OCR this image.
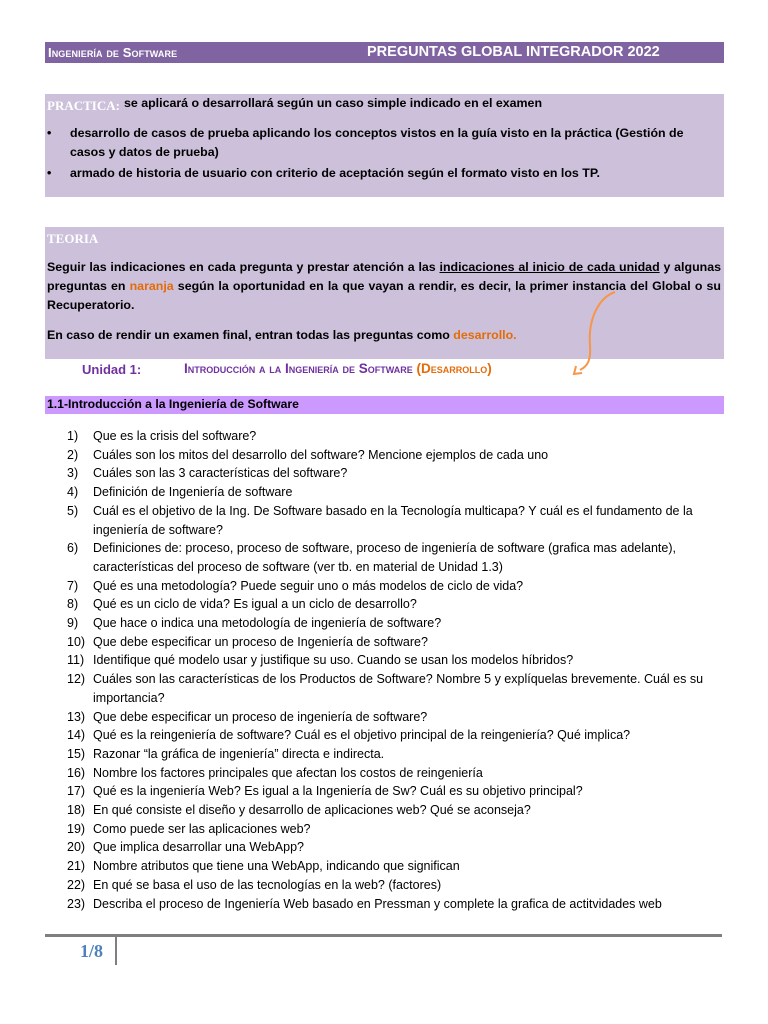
Ingeniería de Software	PREGUNTAS GLOBAL INTEGRADOR 2022
PRACTICA: se aplicará o desarrollará según un caso simple indicado en el examen
• desarrollo de casos de prueba aplicando los conceptos vistos en la guía visto en la práctica (Gestión de casos y datos de prueba)
• armado de historia de usuario con criterio de aceptación según el formato visto en los TP.
TEORIA
Seguir las indicaciones en cada pregunta y prestar atención a las indicaciones al inicio de cada unidad y algunas preguntas en naranja según la oportunidad en la que vayan a rendir, es decir, la primer instancia del Global o su Recuperatorio.
En caso de rendir un examen final, entran todas las preguntas como desarrollo.
Unidad 1:	Introducción a la Ingeniería de Software (Desarrollo)
1.1-Introducción a la Ingeniería de Software
1)	Que es la crisis del software?
2)	Cuáles son los mitos del desarrollo del software? Mencione ejemplos de cada uno
3)	Cuáles son las 3 características del software?
4)	Definición de Ingeniería de software
5)	Cuál es el objetivo de la Ing. De Software basado en la Tecnología multicapa? Y cuál es el fundamento de la ingeniería de software?
6)	Definiciones de: proceso, proceso de software, proceso de ingeniería de software (grafica mas adelante), características del proceso de software (ver tb. en material de Unidad 1.3)
7)	Qué es una metodología? Puede seguir uno o más modelos de ciclo de vida?
8)	Qué es un ciclo de vida? Es igual a un ciclo de desarrollo?
9)	Que hace o indica una metodología de ingeniería de software?
10) Que debe especificar un proceso de Ingeniería de software?
11) Identifique qué modelo usar y justifique su uso. Cuando se usan los modelos híbridos?
12) Cuáles son las características de los Productos de Software? Nombre 5 y explíquelas brevemente. Cuál es su importancia?
13) Que debe especificar un proceso de ingeniería de software?
14) Qué es la reingeniería de software? Cuál es el objetivo principal de la reingeniería? Qué implica?
15) Razonar “la gráfica de ingeniería” directa e indirecta.
16) Nombre los factores principales que afectan los costos de reingeniería
17) Qué es la ingeniería Web? Es igual a la Ingeniería de Sw? Cuál es su objetivo principal?
18) En qué consiste el diseño y desarrollo de aplicaciones web? Qué se aconseja?
19) Como puede ser las aplicaciones web?
20) Que implica desarrollar una WebApp?
21) Nombre atributos que tiene una WebApp, indicando que significan
22) En qué se basa el uso de las tecnologías en la web? (factores)
23) Describa el proceso de Ingeniería Web basado en Pressman y complete la grafica de actitvidades web
1/8
